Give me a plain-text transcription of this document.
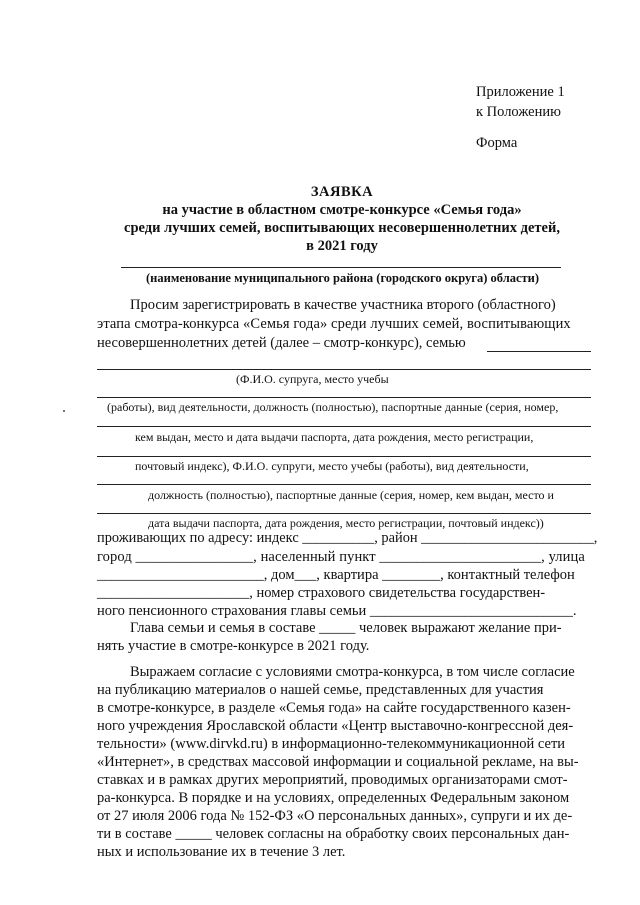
Приложение 1
к Положению
Форма
ЗАЯВКА
на участие в областном смотре-конкурсе «Семья года»
среди лучших семей, воспитывающих несовершеннолетних детей,
в 2021 году
(наименование муниципального района (городского округа) области)
Просим зарегистрировать в качестве участника второго (областного)
этапа смотра-конкурса «Семья года» среди лучших семей, воспитывающих
несовершеннолетних детей (далее – смотр-конкурс), семью
(Ф.И.О. супруга, место учебы
(работы), вид деятельности, должность (полностью), паспортные данные (серия, номер,
кем выдан, место и дата выдачи паспорта, дата рождения, место регистрации,
почтовый индекс), Ф.И.О. супруги, место учебы (работы), вид деятельности,
должность (полностью), паспортные данные (серия, номер, кем выдан, место и
дата выдачи паспорта, дата рождения, место регистрации, почтовый индекс))
проживающих по адресу: индекс __________, район ________________________,
город ________________, населенный пункт ______________________, улица
_______________________, дом___, квартира ________, контактный телефон
_____________________, номер страхового свидетельства государствен-
ного пенсионного страхования главы семьи ____________________________.
Глава семьи и семья в составе _____ человек выражают желание при-
нять участие в смотре-конкурсе в 2021 году.
Выражаем согласие с условиями смотра-конкурса, в том числе согласие
на публикацию материалов о нашей семье, представленных для участия
в смотре-конкурсе, в разделе «Семья года» на сайте государственного казен-
ного учреждения Ярославской области «Центр выставочно-конгрессной дея-
тельности» (www.dirvkd.ru) в информационно-телекоммуникационной сети
«Интернет», в средствах массовой информации и социальной рекламе, на вы-
ставках и в рамках других мероприятий, проводимых организаторами смот-
ра-конкурса. В порядке и на условиях, определенных Федеральным законом
от 27 июля 2006 года № 152-ФЗ «О персональных данных», супруги и их де-
ти в составе _____ человек согласны на обработку своих персональных дан-
ных и использование их в течение 3 лет.
